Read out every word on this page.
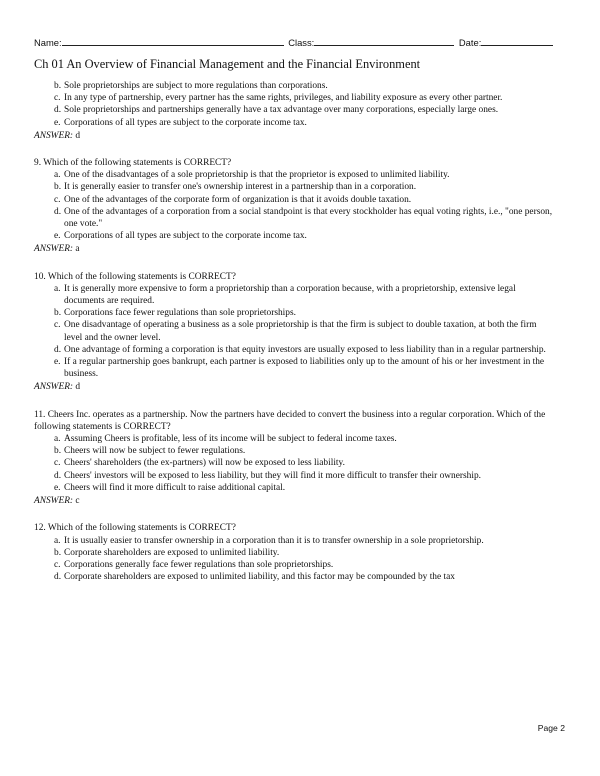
Name:	Class:	Date:
Ch 01 An Overview of Financial Management and the Financial Environment
b. Sole proprietorships are subject to more regulations than corporations.
c. In any type of partnership, every partner has the same rights, privileges, and liability exposure as every other partner.
d. Sole proprietorships and partnerships generally have a tax advantage over many corporations, especially large ones.
e. Corporations of all types are subject to the corporate income tax.
ANSWER: d
9. Which of the following statements is CORRECT?
a. One of the disadvantages of a sole proprietorship is that the proprietor is exposed to unlimited liability.
b. It is generally easier to transfer one's ownership interest in a partnership than in a corporation.
c. One of the advantages of the corporate form of organization is that it avoids double taxation.
d. One of the advantages of a corporation from a social standpoint is that every stockholder has equal voting rights, i.e., "one person, one vote."
e. Corporations of all types are subject to the corporate income tax.
ANSWER: a
10. Which of the following statements is CORRECT?
a. It is generally more expensive to form a proprietorship than a corporation because, with a proprietorship, extensive legal documents are required.
b. Corporations face fewer regulations than sole proprietorships.
c. One disadvantage of operating a business as a sole proprietorship is that the firm is subject to double taxation, at both the firm level and the owner level.
d. One advantage of forming a corporation is that equity investors are usually exposed to less liability than in a regular partnership.
e. If a regular partnership goes bankrupt, each partner is exposed to liabilities only up to the amount of his or her investment in the business.
ANSWER: d
11. Cheers Inc. operates as a partnership. Now the partners have decided to convert the business into a regular corporation. Which of the following statements is CORRECT?
a. Assuming Cheers is profitable, less of its income will be subject to federal income taxes.
b. Cheers will now be subject to fewer regulations.
c. Cheers' shareholders (the ex-partners) will now be exposed to less liability.
d. Cheers' investors will be exposed to less liability, but they will find it more difficult to transfer their ownership.
e. Cheers will find it more difficult to raise additional capital.
ANSWER: c
12. Which of the following statements is CORRECT?
a. It is usually easier to transfer ownership in a corporation than it is to transfer ownership in a sole proprietorship.
b. Corporate shareholders are exposed to unlimited liability.
c. Corporations generally face fewer regulations than sole proprietorships.
d. Corporate shareholders are exposed to unlimited liability, and this factor may be compounded by the tax
Page 2
